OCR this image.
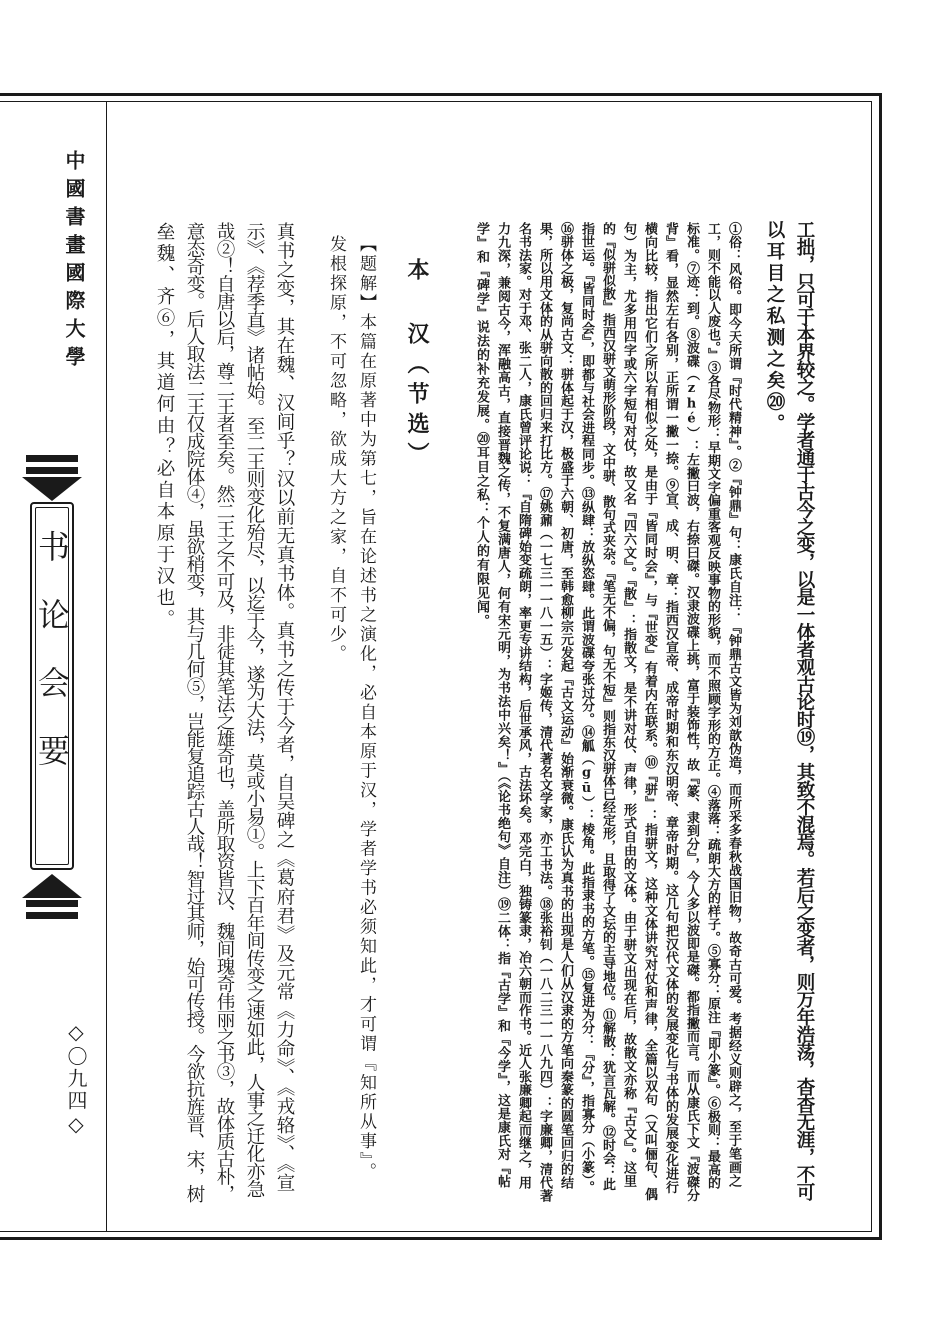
中國書畫國際大學
书论会要
◇〇九四◇	工拙，只可于本界较之。学者通于古今之变，以是一体者观古论时⑲，其致不混焉。若后之变者，则万年浩荡，杳杳无涯，不可
以耳目之私测之矣⑳。
①俗：风俗。即今天所谓『时代精神』。②『钟鼎』句：康氏自注：『钟鼎古文皆为刘歆伪造，而所采多春秋战国旧物，故奇古可爱。考据经义则辟之，至于笔画之
工，则不能以人废也。』③各尽物形：早期文字偏重客观反映事物的形貌，而不照顾字形的方正。④落落：疏朗大方的样子。⑤寡分：原注『即小篆』。⑥极则：最高的
标准。⑦迹：到。⑧波碟（zhé）：左撇曰波，右捺曰磔。汉隶波碟上挑，富于装饰性，故『篆、隶到分』，今人多以波即是磔。都指撇而言。而从康氏下文『波磔分
背』看，显然左右各别，正所谓一撇一捺。⑨宣、成、明、章：指西汉宣帝、成帝时期和东汉明帝、章帝时期。这几句把汉代文体的发展变化与书体的发展变化进行
横向比较，指出它们之所以有相似之处，是由于『皆同时会』，与『世变』有着内在联系。⑩『骈』：指骈文，这种文体讲究对仗和声律，全篇以双句（又叫俪句、偶
句）为主，尤多用四字或六字短句对仗，故又名『四六文』。『散』：指散文，是不讲对仗、声律，形式自由的文体。由于骈文出现在后，故散文亦称『古文』。这里
的『似骈似散』指西汉骈文萌形阶段，文中骈、散句式夹杂。『笔无不偏，句无不短』则指东汉骈体已经定形，且取得了文坛的主导地位。⑪解散：犹言瓦解。⑫时会：此
指世运。『皆同时会』，即都与社会进程同步。⑬纵肆：放纵恣肆。此谓波碟夸张过分。⑭觚（gū）：棱角。此指隶书的方笔。⑮复进为分：『分』，指寡分（小篆）。
⑯骈体之极，复尚古文：骈体起于汉，极盛于六朝、初唐，至韩愈柳宗元发起『古文运动』始渐衰微。康氏认为真书的出现是人们从汉隶的方笔向秦篆的圆笔回归的结
果，所以用文体的从骈向散的回归来打比方。⑰姚鼐（一七三一一八一五）：字姬传，清代著名文学家，亦工书法。⑱张裕钊（一八二三一一八九四）：字廉卿，清代著
名书法家。对于邓、张二人，康氏曾评论说：『自隋碑始变疏朗，率更专讲结构，后世承风，古法坏矣。邓完白，独铸篆隶，冶六朝而作书。近人张廉卿起而继之，用
力九深，兼阅古今，浑融高古，直接晋魏之传，不复满唐人，何有宋元明，为书法中兴矣！』（《论书绝句》自注）⑲二体：指『古学』和『今学』，这是康氏对『帖
学』和『碑学』说法的补充发展。⑳耳目之私：个人的有限见闻。
本 汉（节选）
【题解】本篇在原著中为第七，旨在论述书之演化，必自本原于汉，学者学书必须知此，才可谓『知所从事』。
发根探原，不可忽略，欲成大方之家，自不可少。
真书之变，其在魏、汉间乎？汉以前无真书体。真书之传于今者，自吴碑之《葛府君》及元常《力命》、《戎辂》、《宣
示》、《荐季直》诸帖始。至二王则变化殆尽，以迄于今，遂为大法，莫或小易①。上下百年间传变之速如此，人事之迁化亦急
哉②！自唐以后，尊二王者至矣。然二王之不可及，非徒其笔法之雄奇也，盖所取资皆汉、魏间瑰奇伟丽之书③，故体质古朴，
意态奇变。后人取法二王仅成院体④，虽欲稍变，其与几何⑤，岂能复追踪古人哉！智过其师，始可传授。今欲抗旌晋、宋，树
垒魏、齐⑥，其道何由？必自本原于汉也。
